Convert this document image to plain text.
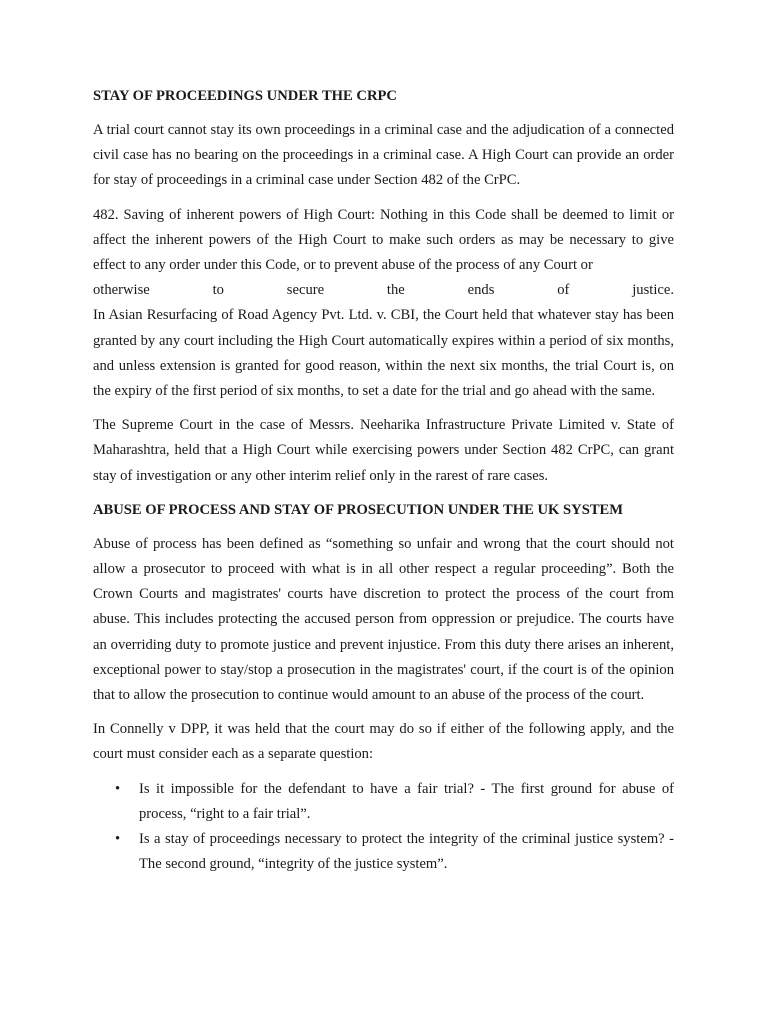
STAY OF PROCEEDINGS UNDER THE CRPC

A trial court cannot stay its own proceedings in a criminal case and the adjudication of a connected civil case has no bearing on the proceedings in a criminal case. A High Court can provide an order for stay of proceedings in a criminal case under Section 482 of the CrPC.

482. Saving of inherent powers of High Court: Nothing in this Code shall be deemed to limit or affect the inherent powers of the High Court to make such orders as may be necessary to give effect to any order under this Code, or to prevent abuse of the process of any Court or
otherwise to secure the ends of justice.
In Asian Resurfacing of Road Agency Pvt. Ltd. v. CBI, the Court held that whatever stay has been granted by any court including the High Court automatically expires within a period of six months, and unless extension is granted for good reason, within the next six months, the trial Court is, on the expiry of the first period of six months, to set a date for the trial and go ahead with the same.

The Supreme Court in the case of Messrs. Neeharika Infrastructure Private Limited v. State of Maharashtra, held that a High Court while exercising powers under Section 482 CrPC, can grant stay of investigation or any other interim relief only in the rarest of rare cases.

ABUSE OF PROCESS AND STAY OF PROSECUTION UNDER THE UK SYSTEM

Abuse of process has been defined as “something so unfair and wrong that the court should not allow a prosecutor to proceed with what is in all other respect a regular proceeding”. Both the Crown Courts and magistrates' courts have discretion to protect the process of the court from abuse. This includes protecting the accused person from oppression or prejudice. The courts have an overriding duty to promote justice and prevent injustice. From this duty there arises an inherent, exceptional power to stay/stop a prosecution in the magistrates' court, if the court is of the opinion that to allow the prosecution to continue would amount to an abuse of the process of the court.

In Connelly v DPP, it was held that the court may do so if either of the following apply, and the court must consider each as a separate question:

• Is it impossible for the defendant to have a fair trial? - The first ground for abuse of process, “right to a fair trial”.
• Is a stay of proceedings necessary to protect the integrity of the criminal justice system? -The second ground, “integrity of the justice system”.
